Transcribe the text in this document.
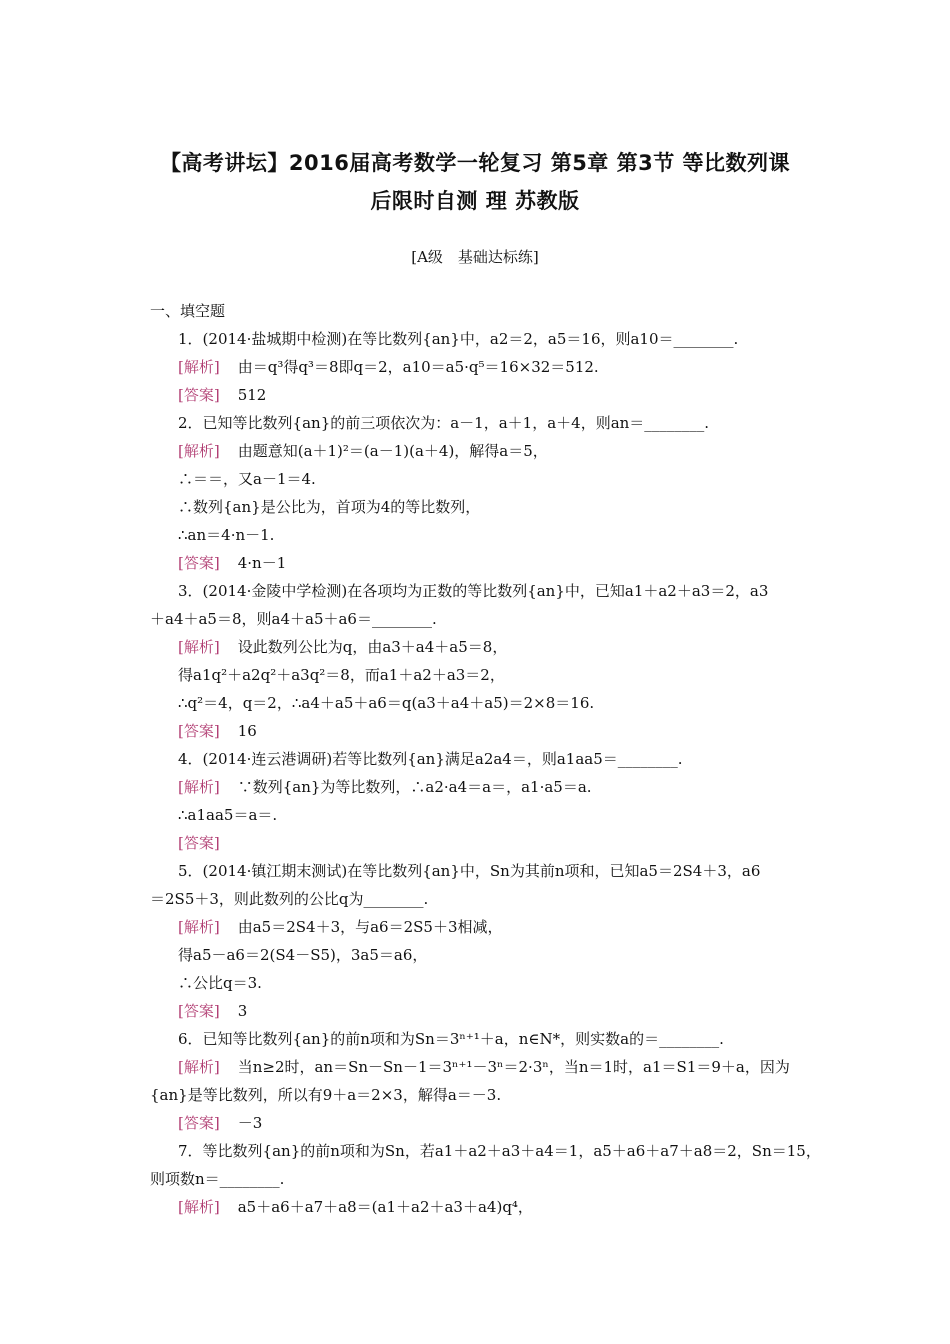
【高考讲坛】2016届高考数学一轮复习 第5章 第3节 等比数列课
后限时自测 理 苏教版
[A级　基础达标练]
一、填空题
1．(2014·盐城期中检测)在等比数列{an}中，a2＝2，a5＝16，则a10＝________.
[解析] 由＝q³得q³＝8即q＝2，a10＝a5·q⁵＝16×32＝512.
[答案] 512
2．已知等比数列{an}的前三项依次为：a－1，a＋1，a＋4，则an＝________.
[解析] 由题意知(a＋1)²＝(a－1)(a＋4)，解得a＝5，
∴＝＝，又a－1＝4.
∴数列{an}是公比为，首项为4的等比数列，
∴an＝4·n－1.
[答案] 4·n－1
3．(2014·金陵中学检测)在各项均为正数的等比数列{an}中，已知a1＋a2＋a3＝2，a3
＋a4＋a5＝8，则a4＋a5＋a6＝________.
[解析] 设此数列公比为q，由a3＋a4＋a5＝8，
得a1q²＋a2q²＋a3q²＝8，而a1＋a2＋a3＝2，
∴q²＝4，q＝2，∴a4＋a5＋a6＝q(a3＋a4＋a5)＝2×8＝16.
[答案] 16
4．(2014·连云港调研)若等比数列{an}满足a2a4＝，则a1aa5＝________.
[解析] ∵数列{an}为等比数列，∴a2·a4＝a＝，a1·a5＝a.
∴a1aa5＝a＝.
[答案]
5．(2014·镇江期末测试)在等比数列{an}中，Sn为其前n项和，已知a5＝2S4＋3，a6
＝2S5＋3，则此数列的公比q为________.
[解析] 由a5＝2S4＋3，与a6＝2S5＋3相减，
得a5－a6＝2(S4－S5)，3a5＝a6，
∴公比q＝3.
[答案] 3
6．已知等比数列{an}的前n项和为Sn＝3ⁿ⁺¹＋a，n∈N*，则实数a的＝________.
[解析] 当n≥2时，an＝Sn－Sn－1＝3ⁿ⁺¹－3ⁿ＝2·3ⁿ，当n＝1时，a1＝S1＝9＋a，因为
{an}是等比数列，所以有9＋a＝2×3，解得a＝－3.
[答案] －3
7．等比数列{an}的前n项和为Sn，若a1＋a2＋a3＋a4＝1，a5＋a6＋a7＋a8＝2，Sn＝15，
则项数n＝________.
[解析] a5＋a6＋a7＋a8＝(a1＋a2＋a3＋a4)q⁴，
